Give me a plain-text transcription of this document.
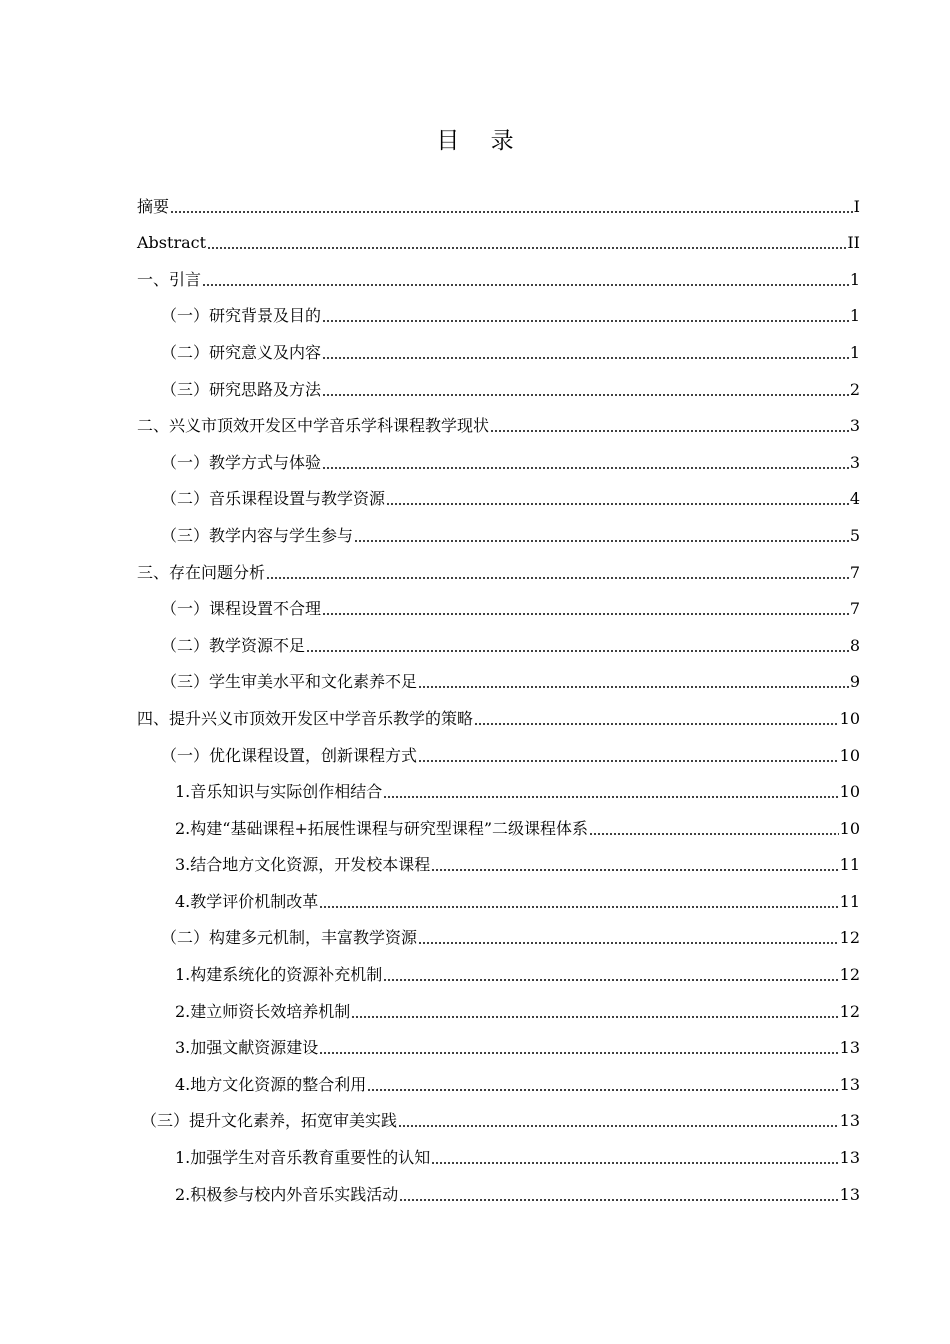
目 录
摘要	I
Abstract	II
一、引言	1
（一）研究背景及目的	1
（二）研究意义及内容	1
（三）研究思路及方法	2
二、兴义市顶效开发区中学音乐学科课程教学现状	3
（一）教学方式与体验	3
（二）音乐课程设置与教学资源	4
（三）教学内容与学生参与	5
三、存在问题分析	7
（一）课程设置不合理	7
（二）教学资源不足	8
（三）学生审美水平和文化素养不足	9
四、提升兴义市顶效开发区中学音乐教学的策略	10
（一）优化课程设置，创新课程方式	10
1.音乐知识与实际创作相结合	10
2.构建“基础课程+拓展性课程与研究型课程”二级课程体系	10
3.结合地方文化资源，开发校本课程	11
4.教学评价机制改革	11
（二）构建多元机制，丰富教学资源	12
1.构建系统化的资源补充机制	12
2.建立师资长效培养机制	12
3.加强文献资源建设	13
4.地方文化资源的整合利用	13
（三）提升文化素养，拓宽审美实践	13
1.加强学生对音乐教育重要性的认知	13
2.积极参与校内外音乐实践活动	13
